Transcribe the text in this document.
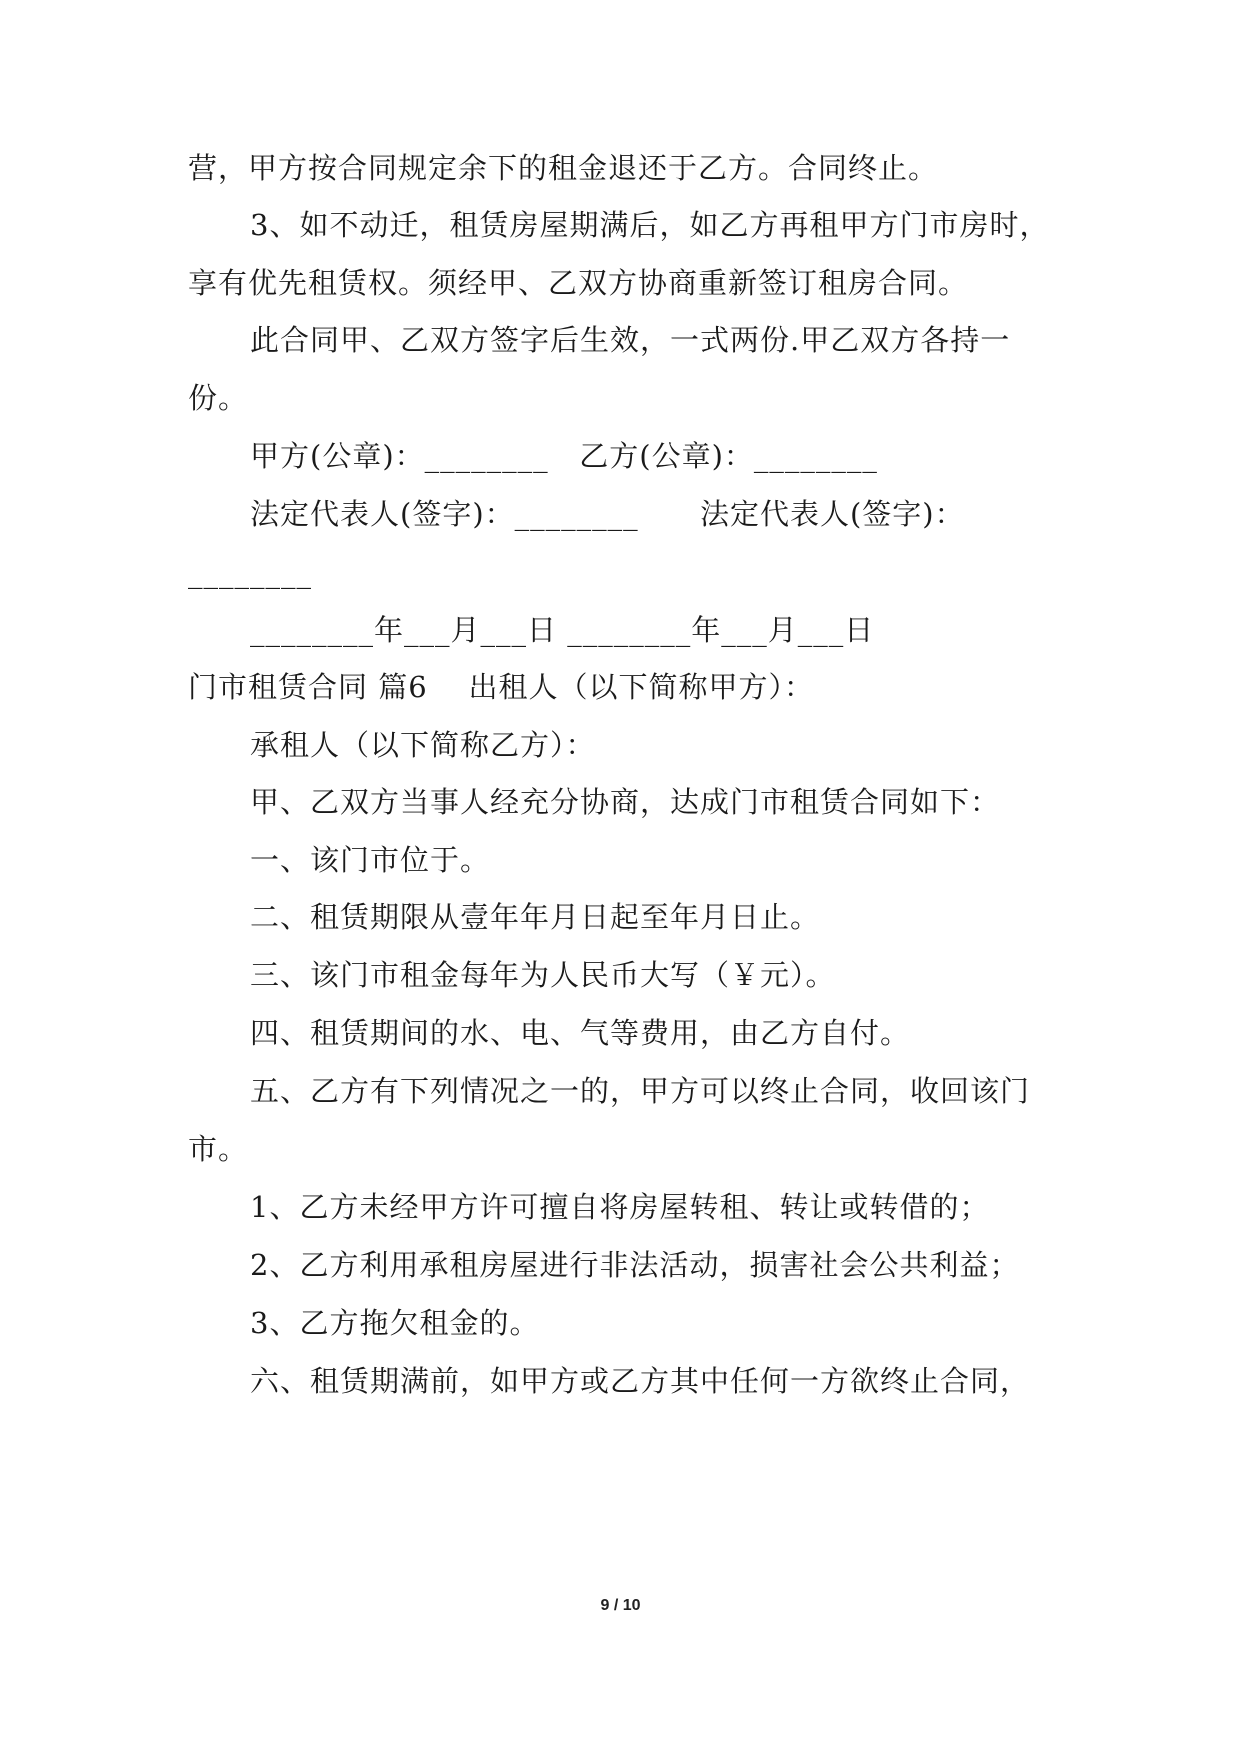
营，甲方按合同规定余下的租金退还于乙方。合同终止。
3、如不动迁，租赁房屋期满后，如乙方再租甲方门市房时，
享有优先租赁权。须经甲、乙双方协商重新签订租房合同。
此合同甲、乙双方签字后生效，一式两份.甲乙双方各持一
份。
甲方(公章)：________   乙方(公章)：________
法定代表人(签字)：________      法定代表人(签字)：
________
________年___月___日 ________年___月___日
门市租赁合同 篇6    出租人（以下简称甲方）：
承租人（以下简称乙方）：
甲、乙双方当事人经充分协商，达成门市租赁合同如下：
一、该门市位于。
二、租赁期限从壹年年月日起至年月日止。
三、该门市租金每年为人民币大写（￥元）。
四、租赁期间的水、电、气等费用，由乙方自付。
五、乙方有下列情况之一的，甲方可以终止合同，收回该门
市。
1、乙方未经甲方许可擅自将房屋转租、转让或转借的；
2、乙方利用承租房屋进行非法活动，损害社会公共利益；
3、乙方拖欠租金的。
六、租赁期满前，如甲方或乙方其中任何一方欲终止合同，
9 / 10
